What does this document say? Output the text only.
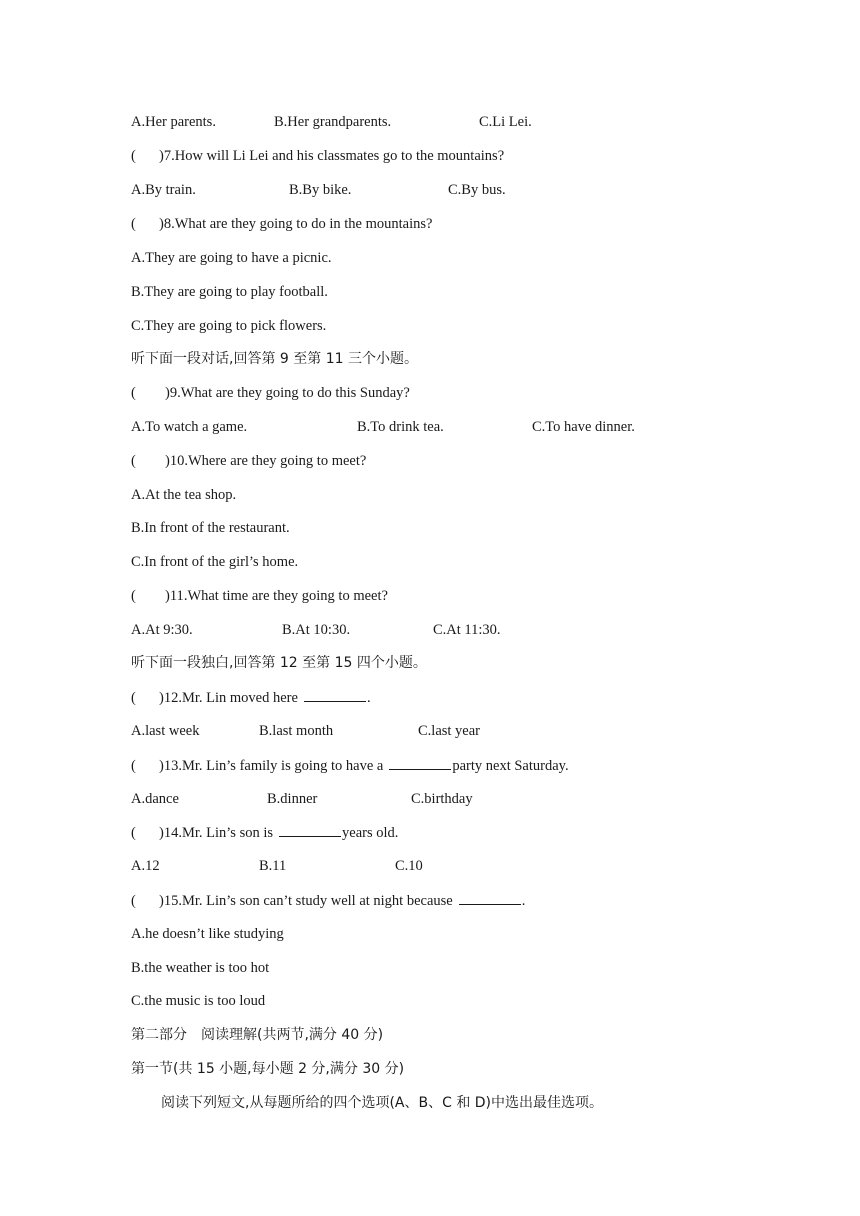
A.Her parents.	B.Her grandparents.	C.Li Lei.
( )7.How will Li Lei and his classmates go to the mountains?
A.By train.	B.By bike.	C.By bus.
( )8.What are they going to do in the mountains?
A.They are going to have a picnic.
B.They are going to play football.
C.They are going to pick flowers.
听下面一段对话,回答第 9 至第 11 三个小题。
( )9.What are they going to do this Sunday?
A.To watch a game.	B.To drink tea.	C.To have dinner.
( )10.Where are they going to meet?
A.At the tea shop.
B.In front of the restaurant.
C.In front of the girl’s home.
( )11.What time are they going to meet?
A.At 9:30.	B.At 10:30.	C.At 11:30.
听下面一段独白,回答第 12 至第 15 四个小题。
( )12.Mr. Lin moved here	.
A.last week	B.last month	C.last year
( )13.Mr. Lin’s family is going to have a	party next Saturday.
A.dance	B.dinner	C.birthday
( )14.Mr. Lin’s son is	years old.
A.12	B.11	C.10
( )15.Mr. Lin’s son can’t study well at night because	.
A.he doesn’t like studying
B.the weather is too hot
C.the music is too loud
第二部分　阅读理解(共两节,满分 40 分)
第一节(共 15 小题,每小题 2 分,满分 30 分)
阅读下列短文,从每题所给的四个选项(A、B、C 和 D)中选出最佳选项。
